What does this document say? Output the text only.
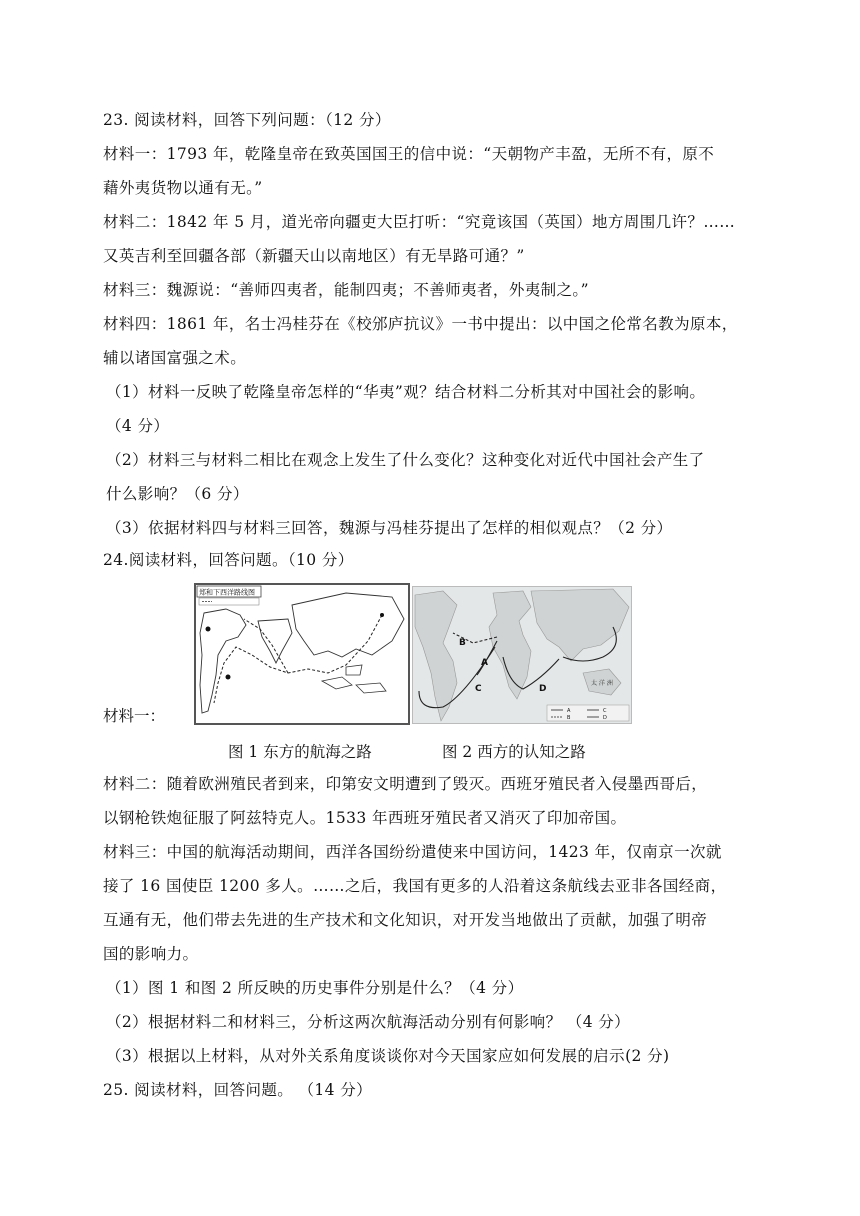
23. 阅读材料，回答下列问题：（12 分）
材料一：1793 年，乾隆皇帝在致英国国王的信中说：“天朝物产丰盈，无所不有，原不
藉外夷货物以通有无。”
材料二：1842 年 5 月，道光帝向疆吏大臣打听：“究竟该国（英国）地方周围几许？……
又英吉利至回疆各部（新疆天山以南地区）有无旱路可通？”
材料三：魏源说：“善师四夷者，能制四夷；不善师夷者，外夷制之。”
材料四：1861 年，名士冯桂芬在《校邠庐抗议》一书中提出：以中国之伦常名教为原本，
辅以诸国富强之术。
（1）材料一反映了乾隆皇帝怎样的“华夷”观？结合材料二分析其对中国社会的影响。
（4 分）
（2）材料三与材料二相比在观念上发生了什么变化？这种变化对近代中国社会产生了
什么影响？（6 分）
（3）依据材料四与材料三回答，魏源与冯桂芬提出了怎样的相似观点？（2 分）
24.阅读材料，回答问题。（10 分）
材料一：
郑和下西洋路线图
B
A
C	D
太 洋 洲
A
B
C
D
图 1 东方的航海之路	图 2 西方的认知之路
材料二：随着欧洲殖民者到来，印第安文明遭到了毁灭。西班牙殖民者入侵墨西哥后，
以钢枪铁炮征服了阿兹特克人。1533 年西班牙殖民者又消灭了印加帝国。
材料三：中国的航海活动期间，西洋各国纷纷遣使来中国访问，1423 年，仅南京一次就
接了 16 国使臣 1200 多人。……之后，我国有更多的人沿着这条航线去亚非各国经商，
互通有无，他们带去先进的生产技术和文化知识，对开发当地做出了贡献，加强了明帝
国的影响力。
（1）图 1 和图 2 所反映的历史事件分别是什么？（4 分）
（2）根据材料二和材料三，分析这两次航海活动分别有何影响？ （4 分）
（3）根据以上材料，从对外关系角度谈谈你对今天国家应如何发展的启示(2 分)
25. 阅读材料，回答问题。 （14 分）
